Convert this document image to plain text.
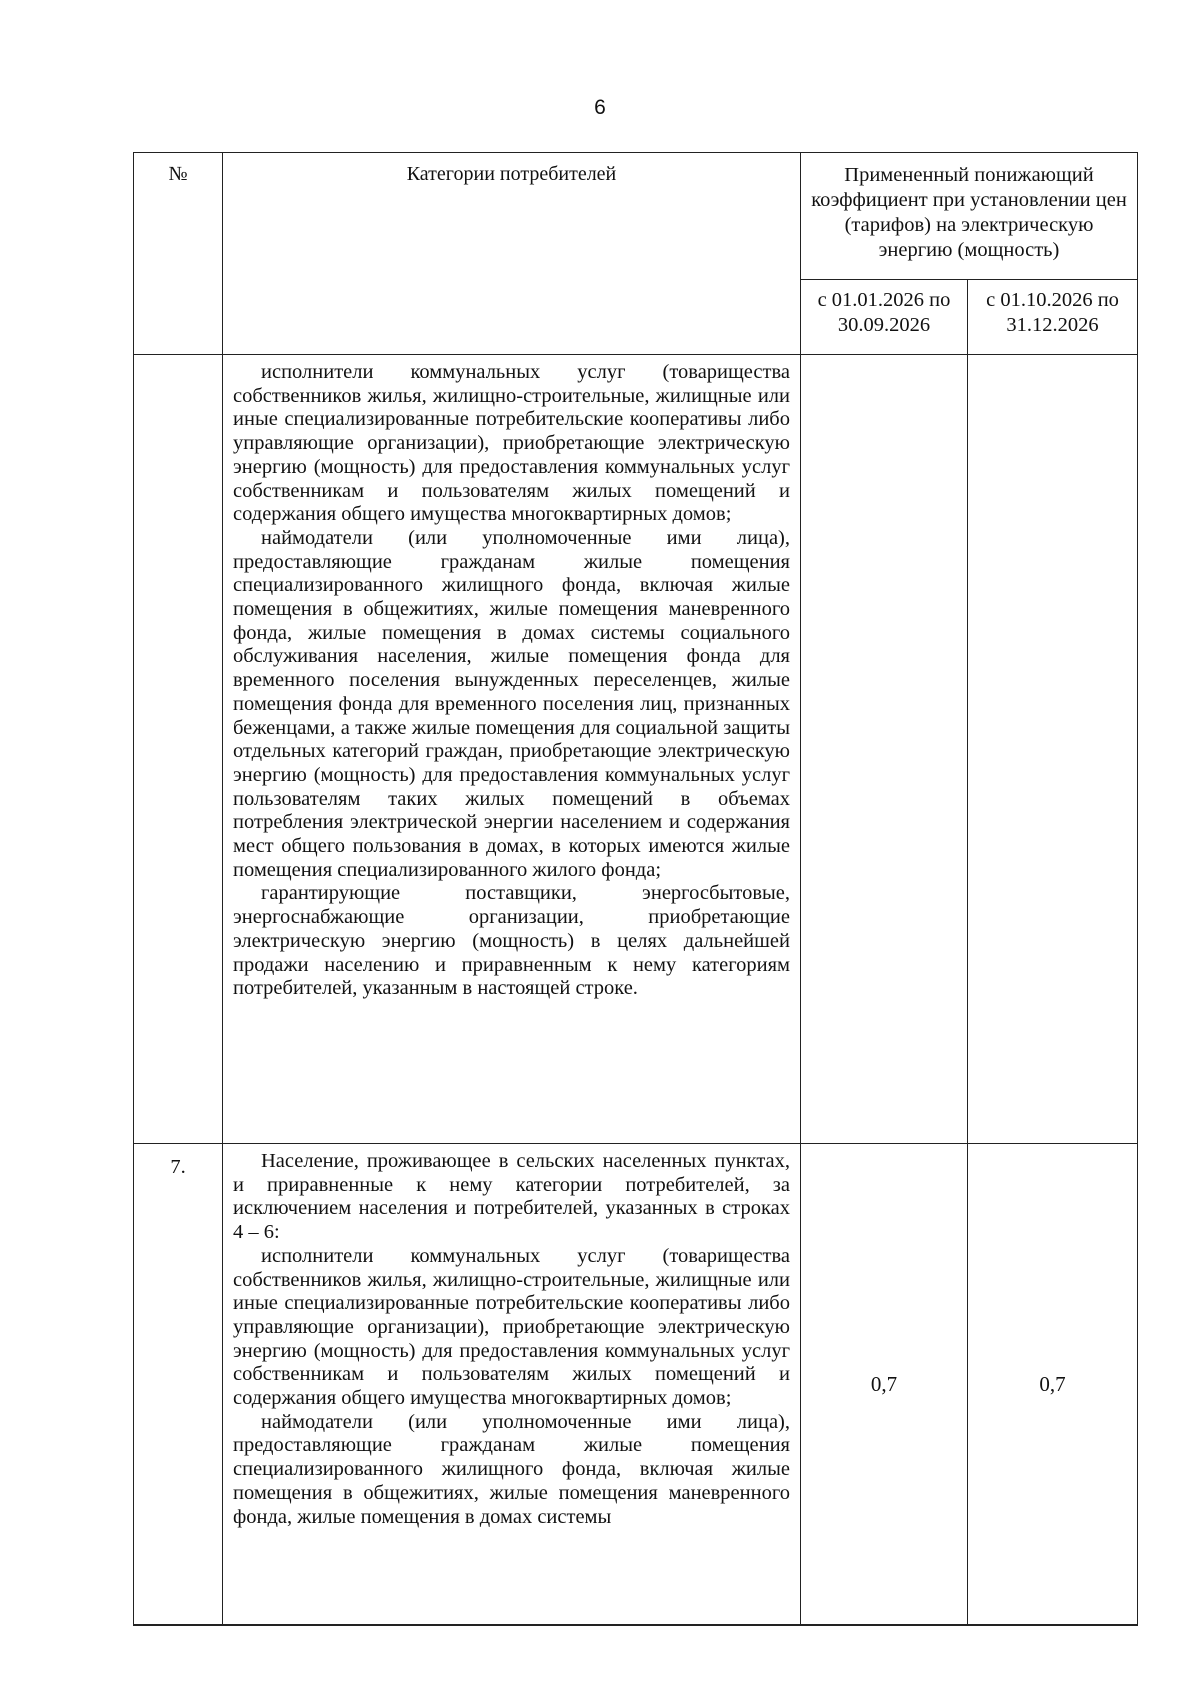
6
№	Категории потребителей	Примененный понижающий коэффициент при установлении цен (тарифов) на электрическую энергию (мощность)	
		с 01.01.2026 по 30.09.2026	с 01.10.2026 по 31.12.2026

	исполнители коммунальных услуг (товарищества собственников жилья, жилищно-строительные, жилищные или иные специализированные потребительские кооперативы либо управляющие организации), приобретающие электрическую энергию (мощность) для предоставления коммунальных услуг собственникам и пользователям жилых помещений и содержания общего имущества многоквартирных домов;

наймодатели (или уполномоченные ими лица), предоставляющие гражданам жилые помещения специализированного жилищного фонда, включая жилые помещения в общежитиях, жилые помещения маневренного фонда, жилые помещения в домах системы социального обслуживания населения, жилые помещения фонда для временного поселения вынужденных переселенцев, жилые помещения фонда для временного поселения лиц, признанных беженцами, а также жилые помещения для социальной защиты отдельных категорий граждан, приобретающие электрическую энергию (мощность) для предоставления коммунальных услуг пользователям таких жилых помещений в объемах потребления электрической энергии населением и содержания мест общего пользования в домах, в которых имеются жилые помещения специализированного жилого фонда;

гарантирующие поставщики, энергосбытовые, энергоснабжающие организации, приобретающие электрическую энергию (мощность) в целях дальнейшей продажи населению и приравненным к нему категориям потребителей, указанным в настоящей строке.		

7.	Население, проживающее в сельских населенных пунктах, и приравненные к нему категории потребителей, за исключением населения и потребителей, указанных в строках 4 – 6:

исполнители коммунальных услуг (товарищества собственников жилья, жилищно-строительные, жилищные или иные специализированные потребительские кооперативы либо управляющие организации), приобретающие электрическую энергию (мощность) для предоставления коммунальных услуг собственникам и пользователям жилых помещений и содержания общего имущества многоквартирных домов;

наймодатели (или уполномоченные ими лица), предоставляющие гражданам жилые помещения специализированного жилищного фонда, включая жилые помещения в общежитиях, жилые помещения маневренного фонда, жилые помещения в домах системы	0,7	0,7
